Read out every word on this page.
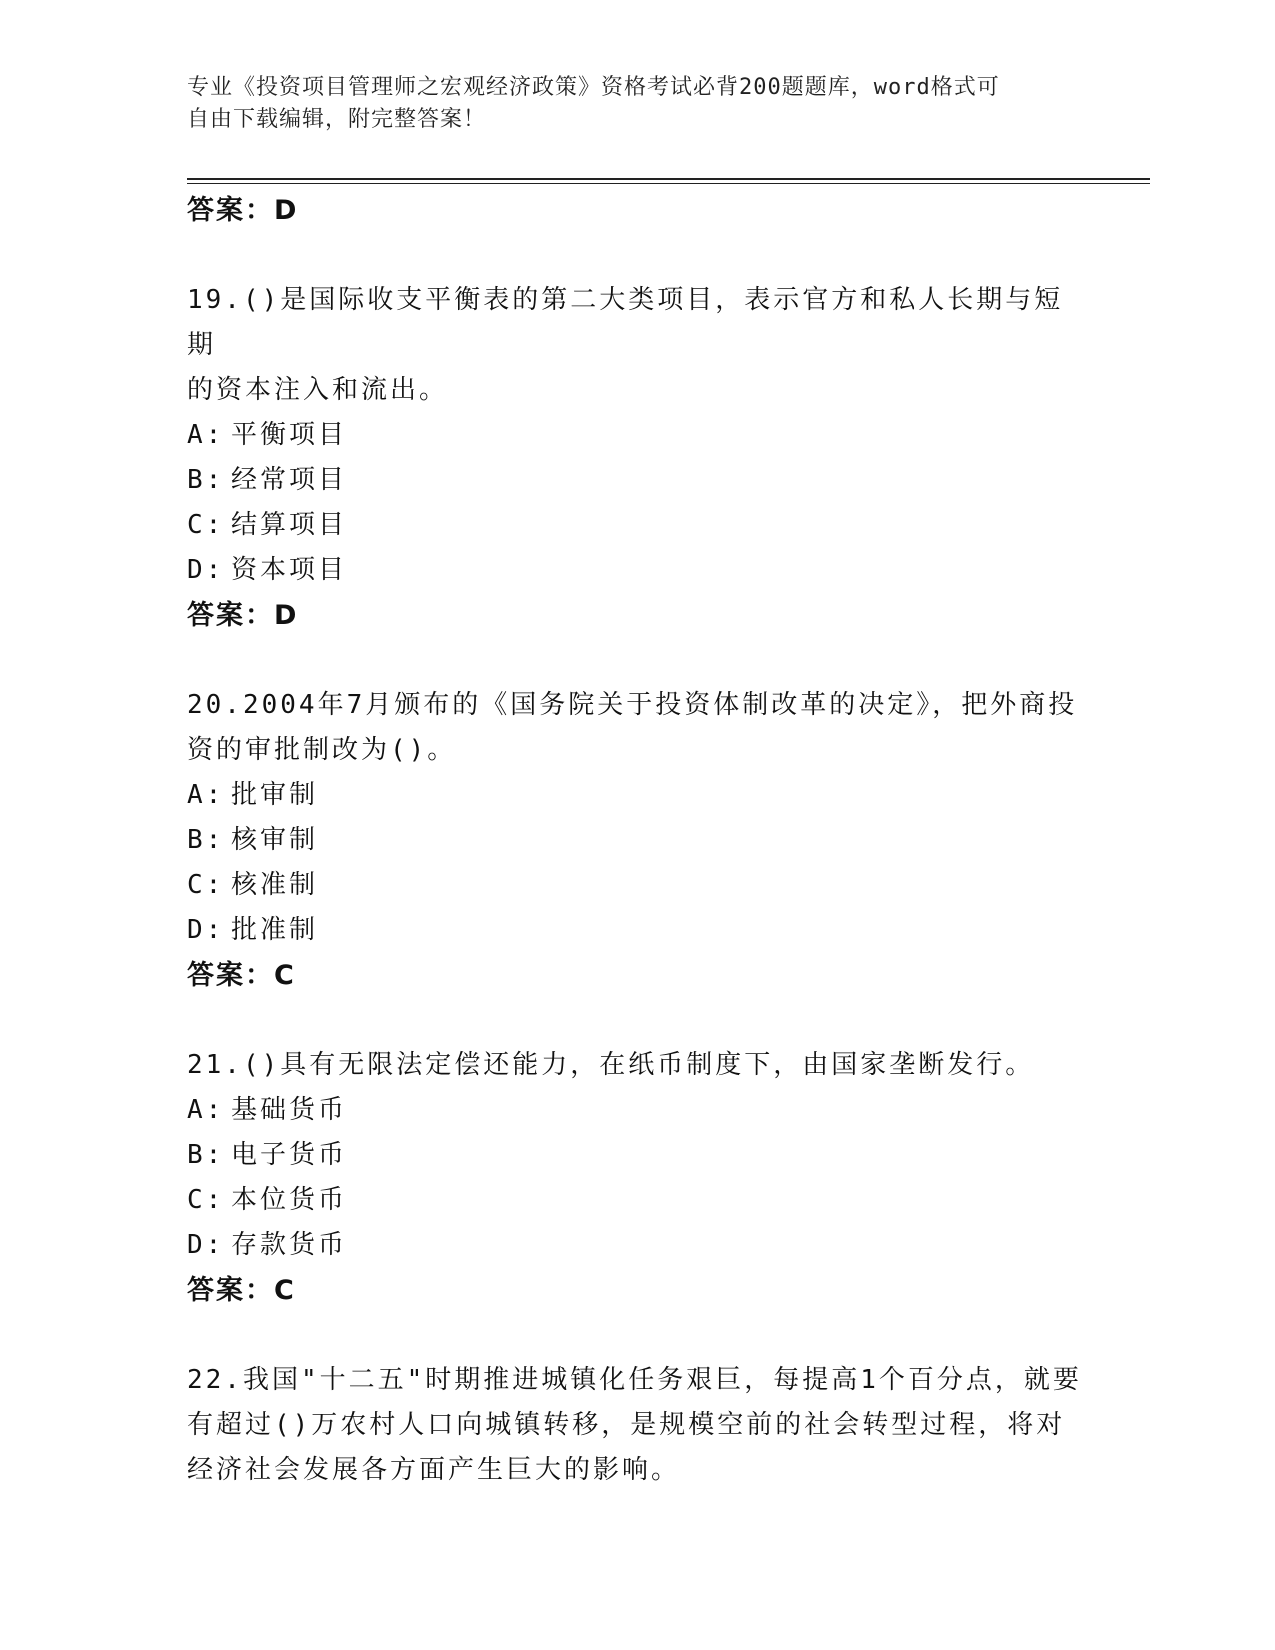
专业《投资项目管理师之宏观经济政策》资格考试必背200题题库，word格式可
自由下载编辑，附完整答案！
答案：D
19.()是国际收支平衡表的第二大类项目，表示官方和私人长期与短期
的资本注入和流出。
A: 平衡项目
B: 经常项目
C: 结算项目
D: 资本项目
答案：D
20.2004年7月颁布的《国务院关于投资体制改革的决定》，把外商投
资的审批制改为()。
A: 批审制
B: 核审制
C: 核准制
D: 批准制
答案：C
21.()具有无限法定偿还能力，在纸币制度下，由国家垄断发行。
A: 基础货币
B: 电子货币
C: 本位货币
D: 存款货币
答案：C
22.我国"十二五"时期推进城镇化任务艰巨，每提高1个百分点，就要
有超过()万农村人口向城镇转移，是规模空前的社会转型过程，将对
经济社会发展各方面产生巨大的影响。
